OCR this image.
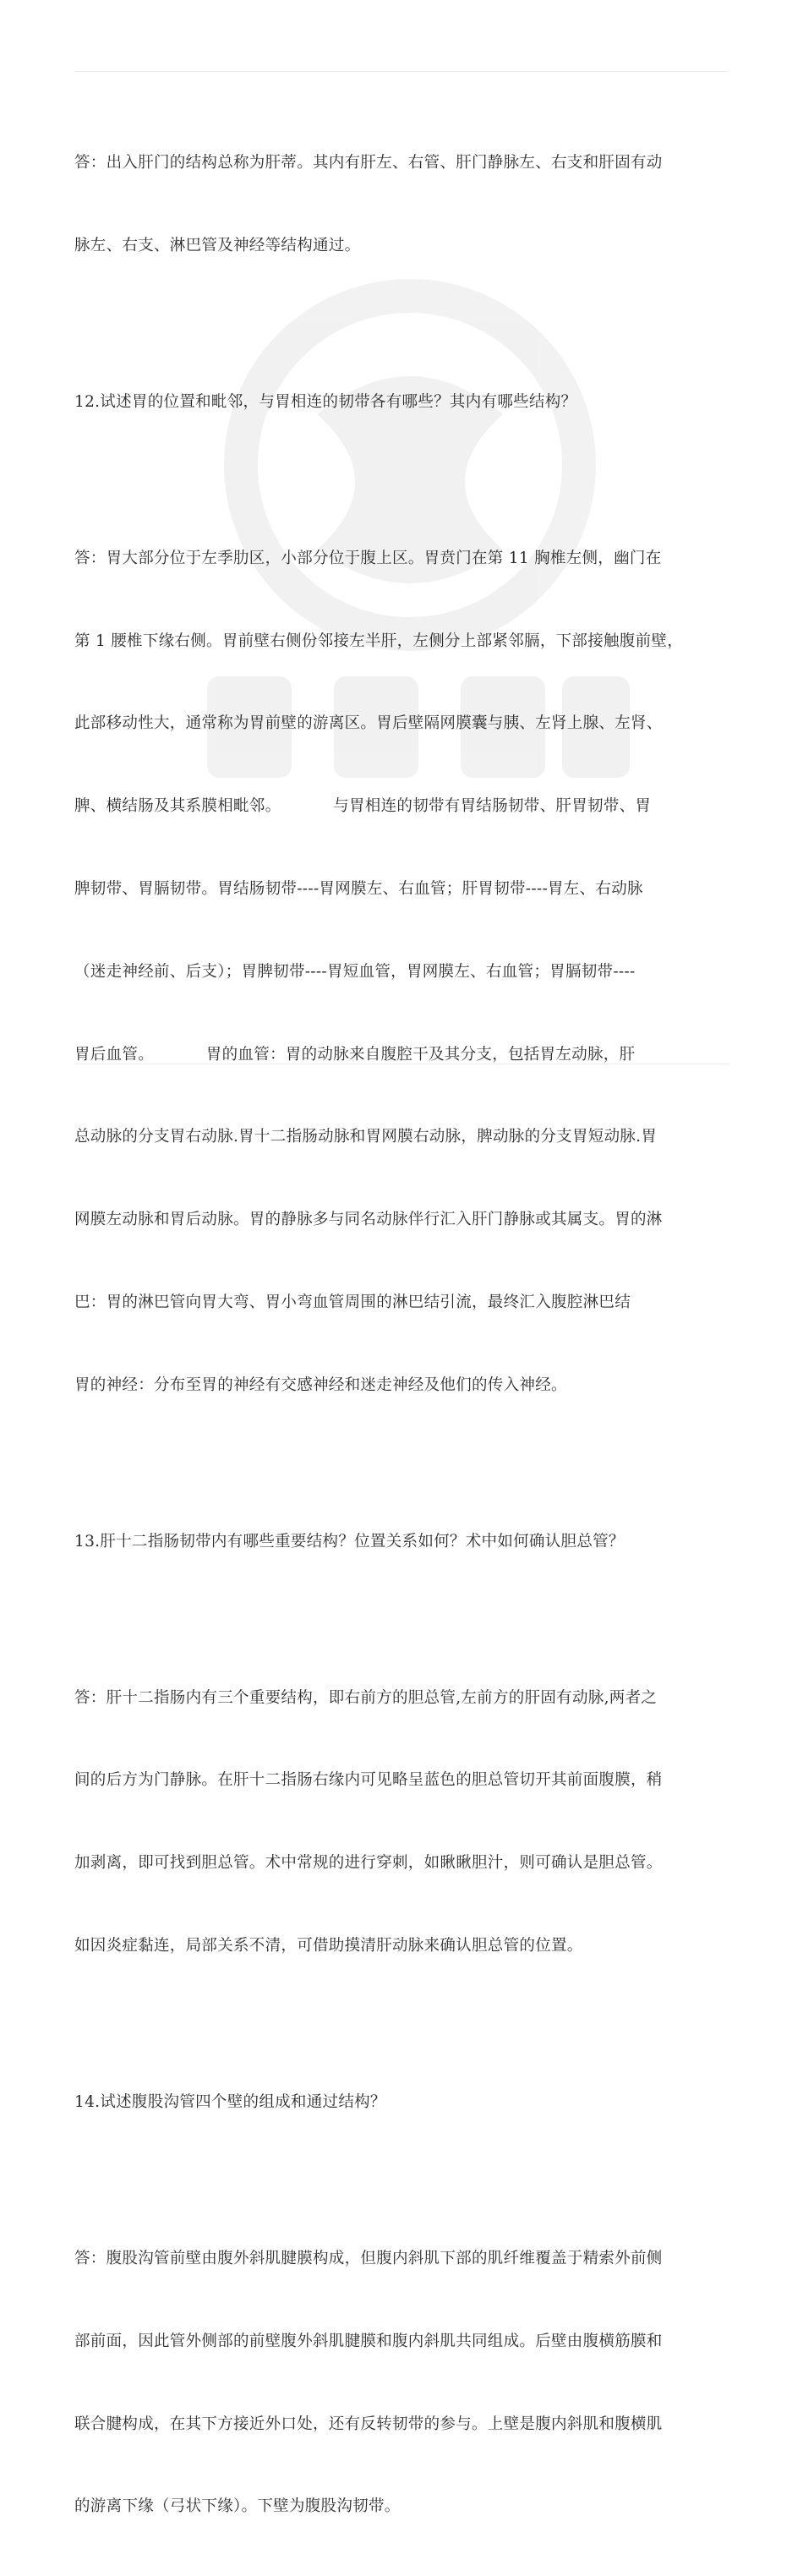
答：出入肝门的结构总称为肝蒂。其内有肝左、右管、肝门静脉左、右支和肝固有动

脉左、右支、淋巴管及神经等结构通过。

12.试述胃的位置和毗邻，与胃相连的韧带各有哪些？其内有哪些结构？

答：胃大部分位于左季肋区，小部分位于腹上区。胃贲门在第 11 胸椎左侧，幽门在

第 1 腰椎下缘右侧。胃前壁右侧份邻接左半肝，左侧分上部紧邻膈，下部接触腹前壁，

此部移动性大，通常称为胃前壁的游离区。胃后壁隔网膜囊与胰、左肾上腺、左肾、

脾、横结肠及其系膜相毗邻。          与胃相连的韧带有胃结肠韧带、肝胃韧带、胃

脾韧带、胃膈韧带。胃结肠韧带----胃网膜左、右血管；肝胃韧带----胃左、右动脉

（迷走神经前、后支）；胃脾韧带----胃短血管，胃网膜左、右血管；胃膈韧带----

胃后血管。          胃的血管：胃的动脉来自腹腔干及其分支，包括胃左动脉，肝

总动脉的分支胃右动脉.胃十二指肠动脉和胃网膜右动脉，脾动脉的分支胃短动脉.胃

网膜左动脉和胃后动脉。胃的静脉多与同名动脉伴行汇入肝门静脉或其属支。胃的淋

巴：胃的淋巴管向胃大弯、胃小弯血管周围的淋巴结引流，最终汇入腹腔淋巴结

胃的神经：分布至胃的神经有交感神经和迷走神经及他们的传入神经。

13.肝十二指肠韧带内有哪些重要结构？位置关系如何？术中如何确认胆总管？

答：肝十二指肠内有三个重要结构，即右前方的胆总管,左前方的肝固有动脉,两者之

间的后方为门静脉。在肝十二指肠右缘内可见略呈蓝色的胆总管切开其前面腹膜，稍

加剥离，即可找到胆总管。术中常规的进行穿刺，如瞅瞅胆汁，则可确认是胆总管。

如因炎症黏连，局部关系不清，可借助摸清肝动脉来确认胆总管的位置。

14.试述腹股沟管四个壁的组成和通过结构？

答：腹股沟管前壁由腹外斜肌腱膜构成，但腹内斜肌下部的肌纤维覆盖于精索外前侧

部前面，因此管外侧部的前壁腹外斜肌腱膜和腹内斜肌共同组成。后壁由腹横筋膜和

联合腱构成，在其下方接近外口处，还有反转韧带的参与。上壁是腹内斜肌和腹横肌

的游离下缘（弓状下缘）。下壁为腹股沟韧带。
